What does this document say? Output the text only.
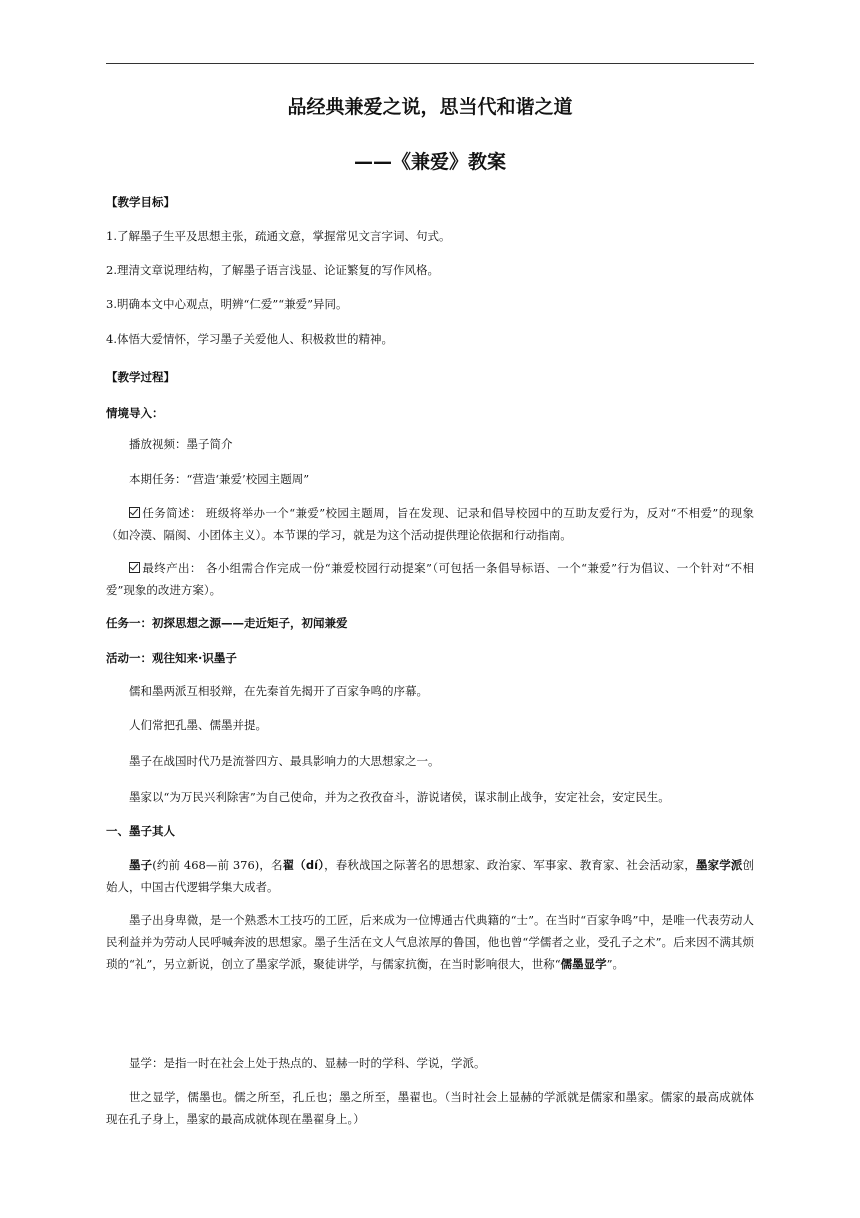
品经典兼爱之说，思当代和谐之道
——《兼爱》教案
【教学目标】
1.了解墨子生平及思想主张，疏通文意，掌握常见文言字词、句式。
2.理清文章说理结构，了解墨子语言浅显、论证繁复的写作风格。
3.明确本文中心观点，明辨“仁爱”“兼爱”异同。
4.体悟大爱情怀，学习墨子关爱他人、积极救世的精神。
【教学过程】
情境导入：
播放视频：墨子简介
本期任务：“营造‘兼爱’校园主题周”
任务简述： 班级将举办一个“兼爱”校园主题周，旨在发现、记录和倡导校园中的互助友爱行为，反对“不相爱”的现象（如冷漠、隔阂、小团体主义）。本节课的学习，就是为这个活动提供理论依据和行动指南。
最终产出： 各小组需合作完成一份“兼爱校园行动提案”（可包括一条倡导标语、一个“兼爱”行为倡议、一个针对“不相爱”现象的改进方案）。
任务一：初探思想之源——走近矩子，初闻兼爱
活动一：观往知来·识墨子
儒和墨两派互相驳辩，在先秦首先揭开了百家争鸣的序幕。
人们常把孔墨、儒墨并提。
墨子在战国时代乃是流誉四方、最具影响力的大思想家之一。
墨家以“为万民兴利除害”为自己使命，并为之孜孜奋斗，游说诸侯，谋求制止战争，安定社会，安定民生。
一、墨子其人
墨子(约前 468—前 376)，名翟（dí），春秋战国之际著名的思想家、政治家、军事家、教育家、社会活动家，墨家学派创始人，中国古代逻辑学集大成者。
墨子出身卑微，是一个熟悉木工技巧的工匠，后来成为一位博通古代典籍的“士”。在当时“百家争鸣”中，是唯一代表劳动人民利益并为劳动人民呼喊奔波的思想家。墨子生活在文人气息浓厚的鲁国，他也曾“学儒者之业，受孔子之术”。后来因不满其烦琐的“礼”，另立新说，创立了墨家学派，聚徒讲学，与儒家抗衡，在当时影响很大，世称“儒墨显学”。
显学：是指一时在社会上处于热点的、显赫一时的学科、学说，学派。
世之显学，儒墨也。儒之所至，孔丘也；墨之所至，墨翟也。（当时社会上显赫的学派就是儒家和墨家。儒家的最高成就体现在孔子身上，墨家的最高成就体现在墨翟身上。）
